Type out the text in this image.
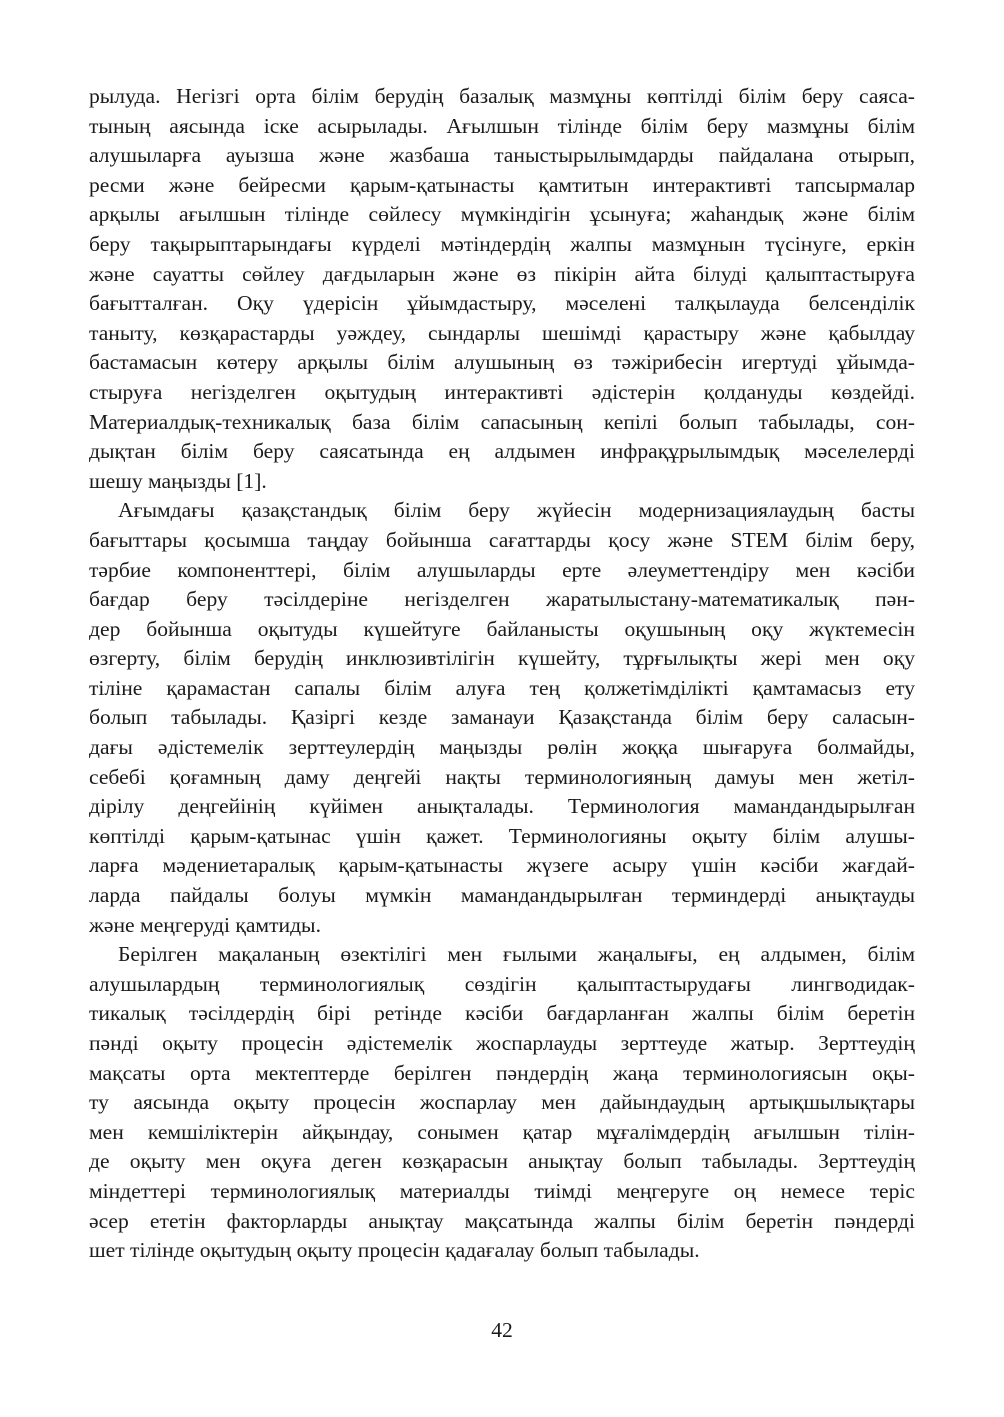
рылуда. Негізгі орта білім берудің базалық мазмұны көптілді білім беру саяса-
тының аясында іске асырылады. Ағылшын тілінде білім беру мазмұны білім
алушыларға ауызша және жазбаша таныстырылымдарды пайдалана отырып,
ресми және бейресми қарым-қатынасты қамтитын интерактивті тапсырмалар
арқылы ағылшын тілінде сөйлесу мүмкіндігін ұсынуға; жаһандық және білім
беру тақырыптарындағы күрделі мәтіндердің жалпы мазмұнын түсінуге, еркін
және сауатты сөйлеу дағдыларын және өз пікірін айта білуді қалыптастыруға
бағытталған. Оқу үдерісін ұйымдастыру, мәселені талқылауда белсенділік
таныту, көзқарастарды уәждеу, сындарлы шешімді қарастыру және қабылдау
бастамасын көтеру арқылы білім алушының өз тәжірибесін игертуді ұйымда-
стыруға негізделген оқытудың интерактивті әдістерін қолдануды көздейді.
Материалдық-техникалық база білім сапасының кепілі болып табылады, сон-
дықтан білім беру саясатында ең алдымен инфрақұрылымдық мәселелерді
шешу маңызды [1].
Ағымдағы қазақстандық білім беру жүйесін модернизациялаудың басты
бағыттары қосымша таңдау бойынша сағаттарды қосу және STEM білім беру,
тәрбие компоненттері, білім алушыларды ерте әлеуметтендіру мен кәсіби
бағдар беру тәсілдеріне негізделген жаратылыстану-математикалық пән-
дер бойынша оқытуды күшейтуге байланысты оқушының оқу жүктемесін
өзгерту, білім берудің инклюзивтілігін күшейту, тұрғылықты жері мен оқу
тіліне қарамастан сапалы білім алуға тең қолжетімділікті қамтамасыз ету
болып табылады. Қазіргі кезде заманауи Қазақстанда білім беру саласын-
дағы әдістемелік зерттеулердің маңызды рөлін жоққа шығаруға болмайды,
себебі қоғамның даму деңгейі нақты терминологияның дамуы мен жетіл-
дірілу деңгейінің күйімен анықталады. Терминология мамандандырылған
көптілді қарым-қатынас үшін қажет. Терминологияны оқыту білім алушы-
ларға мәдениетаралық қарым-қатынасты жүзеге асыру үшін кәсіби жағдай-
ларда пайдалы болуы мүмкін мамандандырылған терминдерді анықтауды
және меңгеруді қамтиды.
Берілген мақаланың өзектілігі мен ғылыми жаңалығы, ең алдымен, білім
алушылардың терминологиялық сөздігін қалыптастырудағы лингводидак-
тикалық тәсілдердің бірі ретінде кәсіби бағдарланған жалпы білім беретін
пәнді оқыту процесін әдістемелік жоспарлауды зерттеуде жатыр. Зерттеудің
мақсаты орта мектептерде берілген пәндердің жаңа терминологиясын оқы-
ту аясында оқыту процесін жоспарлау мен дайындаудың артықшылықтары
мен кемшіліктерін айқындау, сонымен қатар мұғалімдердің ағылшын тілін-
де оқыту мен оқуға деген көзқарасын анықтау болып табылады. Зерттеудің
міндеттері терминологиялық материалды тиімді меңгеруге оң немесе теріс
әсер ететін факторларды анықтау мақсатында жалпы білім беретін пәндерді
шет тілінде оқытудың оқыту процесін қадағалау болып табылады.
42
